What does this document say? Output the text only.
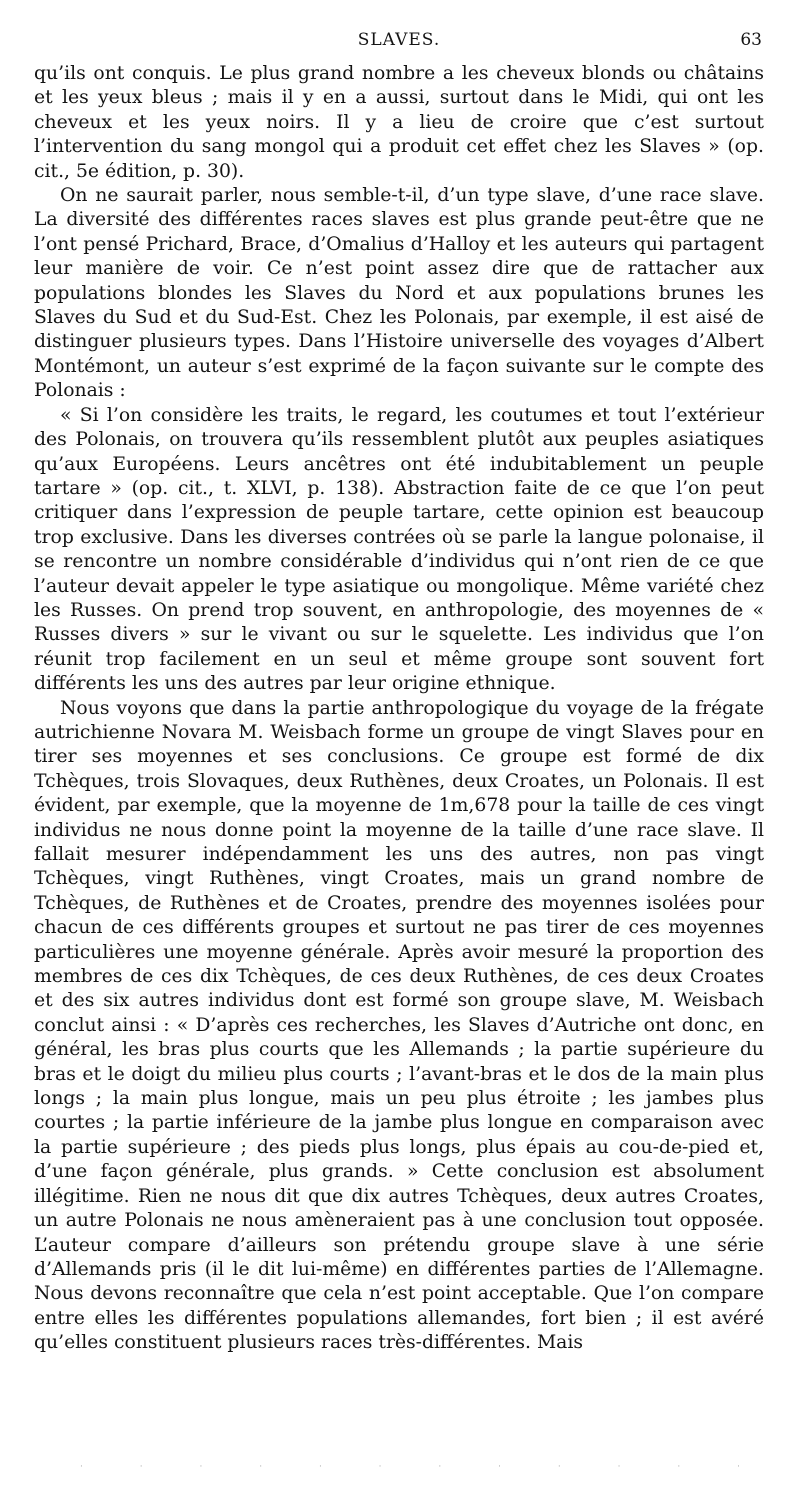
SLAVES.	63

qu’ils ont conquis. Le plus grand nombre a les cheveux blonds ou châtains et les yeux bleus ; mais il y en a aussi, surtout dans le Midi, qui ont les cheveux et les yeux noirs. Il y a lieu de croire que c’est surtout l’intervention du sang mongol qui a produit cet effet chez les Slaves » (op. cit., 5e édition, p. 30).

On ne saurait parler, nous semble-t-il, d’un type slave, d’une race slave. La diversité des différentes races slaves est plus grande peut-être que ne l’ont pensé Prichard, Brace, d’Omalius d’Halloy et les auteurs qui partagent leur manière de voir. Ce n’est point assez dire que de rattacher aux populations blondes les Slaves du Nord et aux populations brunes les Slaves du Sud et du Sud-Est. Chez les Polonais, par exemple, il est aisé de distinguer plusieurs types. Dans l’Histoire universelle des voyages d’Albert Montémont, un auteur s’est exprimé de la façon suivante sur le compte des Polonais :

« Si l’on considère les traits, le regard, les coutumes et tout l’extérieur des Polonais, on trouvera qu’ils ressemblent plutôt aux peuples asiatiques qu’aux Européens. Leurs ancêtres ont été indubitablement un peuple tartare » (op. cit., t. XLVI, p. 138). Abstraction faite de ce que l’on peut critiquer dans l’expression de peuple tartare, cette opinion est beaucoup trop exclusive. Dans les diverses contrées où se parle la langue polonaise, il se rencontre un nombre considérable d’individus qui n’ont rien de ce que l’auteur devait appeler le type asiatique ou mongolique. Même variété chez les Russes. On prend trop souvent, en anthropologie, des moyennes de « Russes divers » sur le vivant ou sur le squelette. Les individus que l’on réunit trop facilement en un seul et même groupe sont souvent fort différents les uns des autres par leur origine ethnique.

Nous voyons que dans la partie anthropologique du voyage de la frégate autrichienne Novara M. Weisbach forme un groupe de vingt Slaves pour en tirer ses moyennes et ses conclusions. Ce groupe est formé de dix Tchèques, trois Slovaques, deux Ruthènes, deux Croates, un Polonais. Il est évident, par exemple, que la moyenne de 1m,678 pour la taille de ces vingt individus ne nous donne point la moyenne de la taille d’une race slave. Il fallait mesurer indépendamment les uns des autres, non pas vingt Tchèques, vingt Ruthènes, vingt Croates, mais un grand nombre de Tchèques, de Ruthènes et de Croates, prendre des moyennes isolées pour chacun de ces différents groupes et surtout ne pas tirer de ces moyennes particulières une moyenne générale. Après avoir mesuré la proportion des membres de ces dix Tchèques, de ces deux Ruthènes, de ces deux Croates et des six autres individus dont est formé son groupe slave, M. Weisbach conclut ainsi : « D’après ces recherches, les Slaves d’Autriche ont donc, en général, les bras plus courts que les Allemands ; la partie supérieure du bras et le doigt du milieu plus courts ; l’avant-bras et le dos de la main plus longs ; la main plus longue, mais un peu plus étroite ; les jambes plus courtes ; la partie inférieure de la jambe plus longue en comparaison avec la partie supérieure ; des pieds plus longs, plus épais au cou-de-pied et, d’une façon générale, plus grands. » Cette conclusion est absolument illégitime. Rien ne nous dit que dix autres Tchèques, deux autres Croates, un autre Polonais ne nous amèneraient pas à une conclusion tout opposée. L’auteur compare d’ailleurs son prétendu groupe slave à une série d’Allemands pris (il le dit lui-même) en différentes parties de l’Allemagne. Nous devons reconnaître que cela n’est point acceptable. Que l’on compare entre elles les différentes populations allemandes, fort bien ; il est avéré qu’elles constituent plusieurs races très-différentes. Mais

·	·	·	·	·	·	·	·	·	·	·	·
